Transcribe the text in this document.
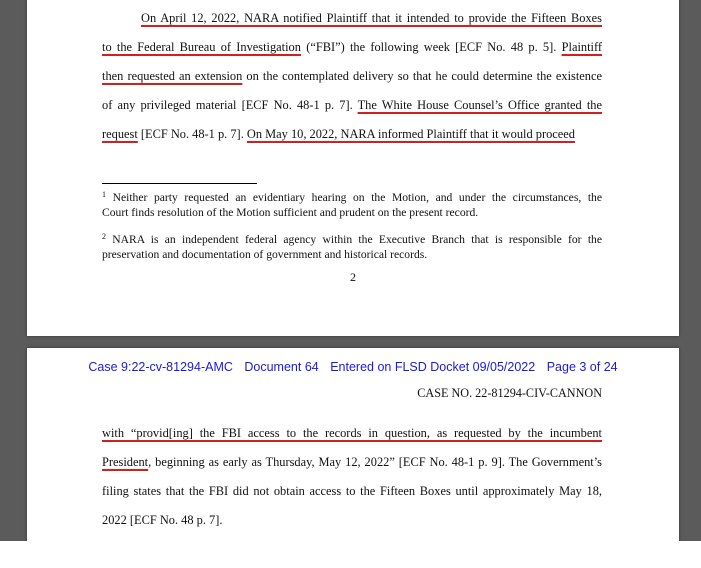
On April 12, 2022, NARA notified Plaintiff that it intended to provide the Fifteen Boxes
to the Federal Bureau of Investigation (“FBI”) the following week [ECF No. 48 p. 5]. Plaintiff
then requested an extension on the contemplated delivery so that he could determine the existence
of any privileged material [ECF No. 48-1 p. 7]. The White House Counsel’s Office granted the
request [ECF No. 48-1 p. 7]. On May 10, 2022, NARA informed Plaintiff that it would proceed
$^1$ Neither party requested an evidentiary hearing on the Motion, and under the circumstances, the
Court finds resolution of the Motion sufficient and prudent on the present record.
$^2$ NARA is an independent federal agency within the Executive Branch that is responsible for the
preservation and documentation of government and historical records.
2
Case 9:22-cv-81294-AMC Document 64 Entered on FLSD Docket 09/05/2022 Page 3 of 24
CASE NO. 22-81294-CIV-CANNON
with “provid[ing] the FBI access to the records in question, as requested by the incumbent
President, beginning as early as Thursday, May 12, 2022” [ECF No. 48-1 p. 9]. The Government’s
filing states that the FBI did not obtain access to the Fifteen Boxes until approximately May 18,
2022 [ECF No. 48 p. 7].
